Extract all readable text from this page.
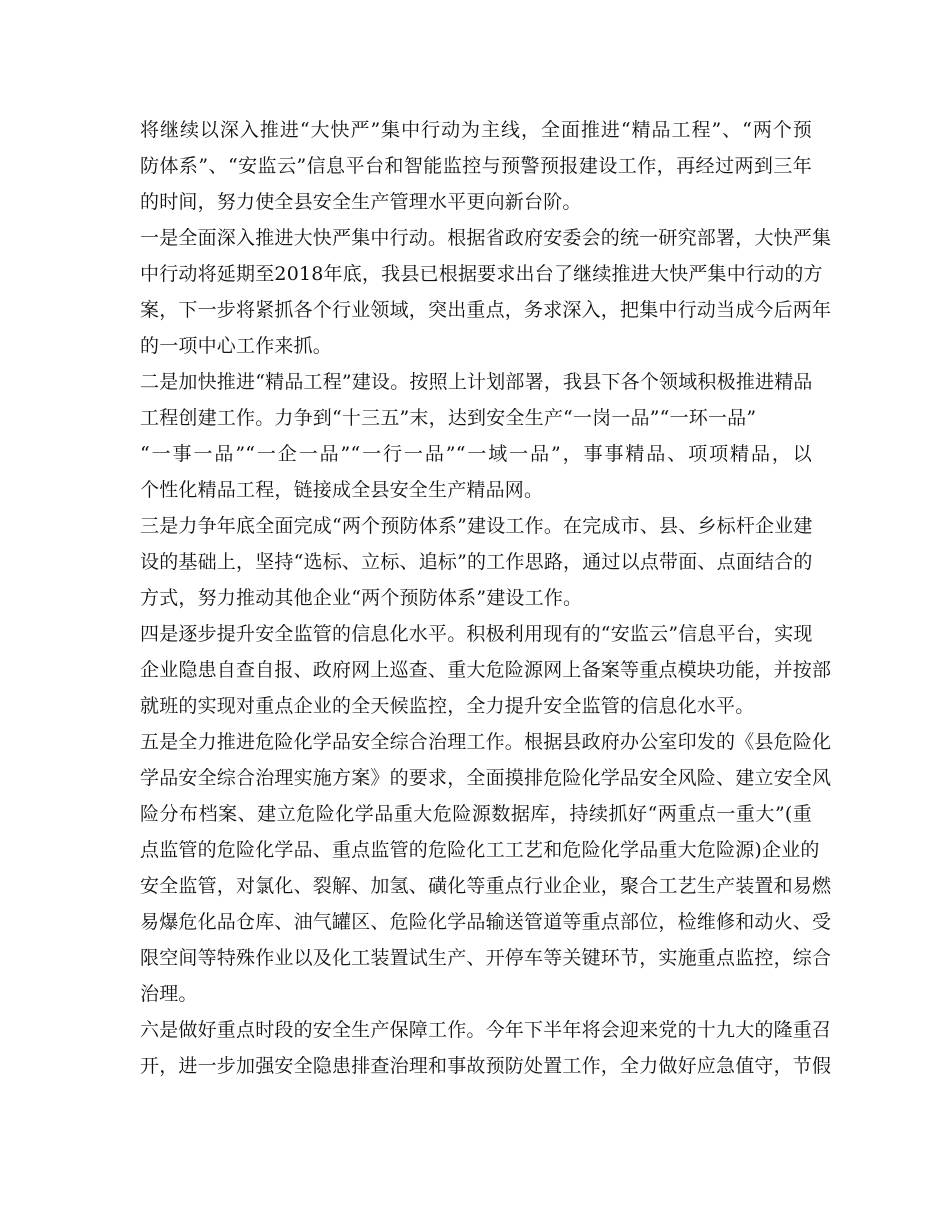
将继续以深入推进“大快严”集中行动为主线，全面推进“精品工程”、“两个预
防体系”、“安监云”信息平台和智能监控与预警预报建设工作，再经过两到三年
的时间，努力使全县安全生产管理水平更向新台阶。
一是全面深入推进大快严集中行动。根据省政府安委会的统一研究部署，大快严集
中行动将延期至2018年底，我县已根据要求出台了继续推进大快严集中行动的方
案，下一步将紧抓各个行业领域，突出重点，务求深入，把集中行动当成今后两年
的一项中心工作来抓。
二是加快推进“精品工程”建设。按照上计划部署，我县下各个领域积极推进精品
工程创建工作。力争到“十三五”末，达到安全生产“一岗一品”“一环一品”
“一事一品”“一企一品”“一行一品”“一域一品”，事事精品、项项精品，以
个性化精品工程，链接成全县安全生产精品网。
三是力争年底全面完成“两个预防体系”建设工作。在完成市、县、乡标杆企业建
设的基础上，坚持“选标、立标、追标”的工作思路，通过以点带面、点面结合的
方式，努力推动其他企业“两个预防体系”建设工作。
四是逐步提升安全监管的信息化水平。积极利用现有的“安监云”信息平台，实现
企业隐患自查自报、政府网上巡查、重大危险源网上备案等重点模块功能，并按部
就班的实现对重点企业的全天候监控，全力提升安全监管的信息化水平。
五是全力推进危险化学品安全综合治理工作。根据县政府办公室印发的《县危险化
学品安全综合治理实施方案》的要求，全面摸排危险化学品安全风险、建立安全风
险分布档案、建立危险化学品重大危险源数据库，持续抓好“两重点一重大”(重
点监管的危险化学品、重点监管的危险化工工艺和危险化学品重大危险源)企业的
安全监管，对氯化、裂解、加氢、磺化等重点行业企业，聚合工艺生产装置和易燃
易爆危化品仓库、油气罐区、危险化学品输送管道等重点部位，检维修和动火、受
限空间等特殊作业以及化工装置试生产、开停车等关键环节，实施重点监控，综合
治理。
六是做好重点时段的安全生产保障工作。今年下半年将会迎来党的十九大的隆重召
开，进一步加强安全隐患排查治理和事故预防处置工作，全力做好应急值守，节假
